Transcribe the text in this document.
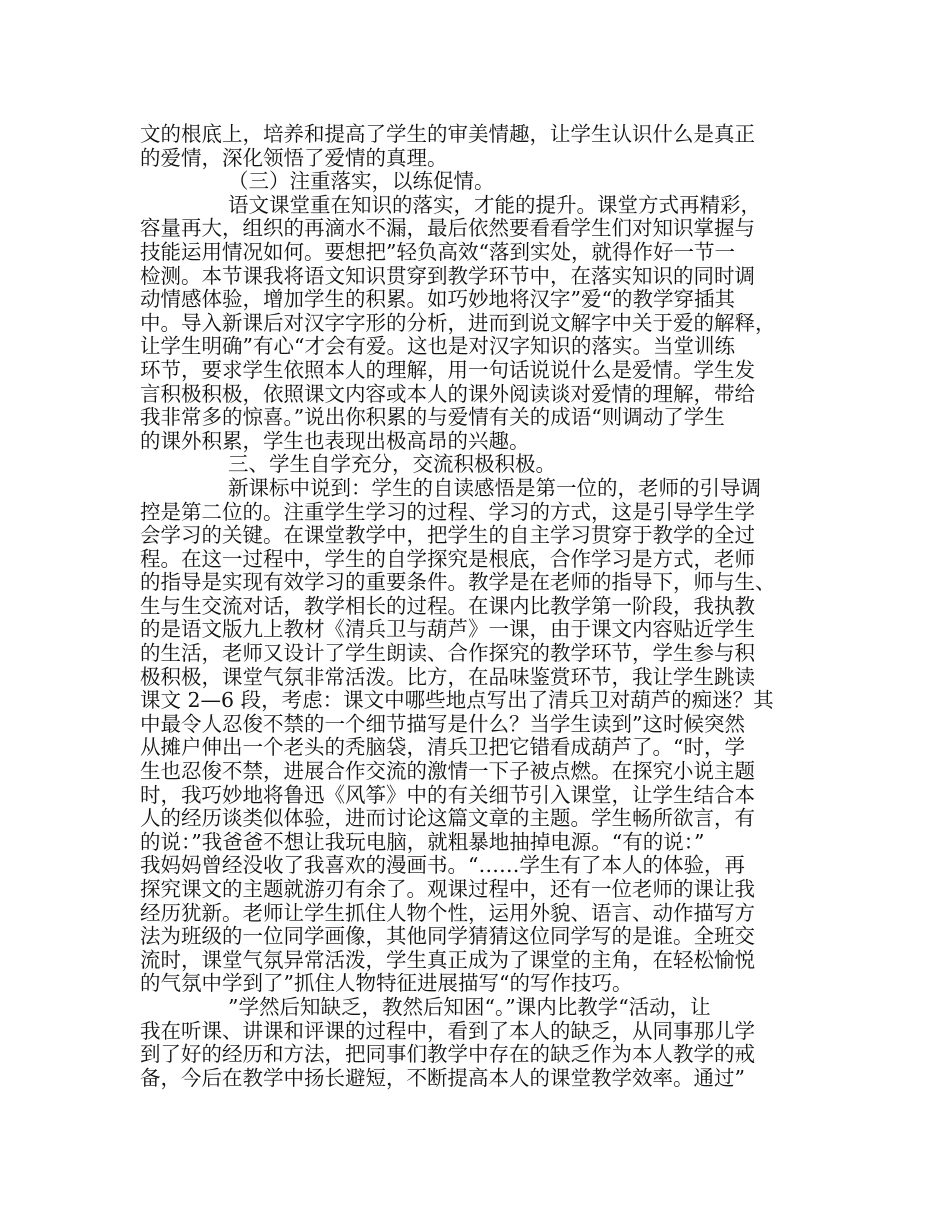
文的根底上，培养和提高了学生的审美情趣，让学生认识什么是真正
的爱情，深化领悟了爱情的真理。
（三）注重落实，以练促情。
语文课堂重在知识的落实，才能的提升。课堂方式再精彩，
容量再大，组织的再滴水不漏，最后依然要看看学生们对知识掌握与
技能运用情况如何。要想把”轻负高效“落到实处，就得作好一节一
检测。本节课我将语文知识贯穿到教学环节中，在落实知识的同时调
动情感体验，增加学生的积累。如巧妙地将汉字”爱“的教学穿插其
中。导入新课后对汉字字形的分析，进而到说文解字中关于爱的解释，
让学生明确”有心“才会有爱。这也是对汉字知识的落实。当堂训练
环节，要求学生依照本人的理解，用一句话说说什么是爱情。学生发
言积极积极，依照课文内容或本人的课外阅读谈对爱情的理解，带给
我非常多的惊喜。”说出你积累的与爱情有关的成语“则调动了学生
的课外积累，学生也表现出极高昂的兴趣。
三、学生自学充分，交流积极积极。
新课标中说到：学生的自读感悟是第一位的，老师的引导调
控是第二位的。注重学生学习的过程、学习的方式，这是引导学生学
会学习的关键。在课堂教学中，把学生的自主学习贯穿于教学的全过
程。在这一过程中，学生的自学探究是根底，合作学习是方式，老师
的指导是实现有效学习的重要条件。教学是在老师的指导下，师与生、
生与生交流对话，教学相长的过程。在课内比教学第一阶段，我执教
的是语文版九上教材《清兵卫与葫芦》一课，由于课文内容贴近学生
的生活，老师又设计了学生朗读、合作探究的教学环节，学生参与积
极积极，课堂气氛非常活泼。比方，在品味鉴赏环节，我让学生跳读
课文 2—6 段，考虑：课文中哪些地点写出了清兵卫对葫芦的痴迷？其
中最令人忍俊不禁的一个细节描写是什么？当学生读到”这时候突然
从摊户伸出一个老头的秃脑袋，清兵卫把它错看成葫芦了。“时，学
生也忍俊不禁，进展合作交流的激情一下子被点燃。在探究小说主题
时，我巧妙地将鲁迅《风筝》中的有关细节引入课堂，让学生结合本
人的经历谈类似体验，进而讨论这篇文章的主题。学生畅所欲言，有
的说：”我爸爸不想让我玩电脑，就粗暴地抽掉电源。“有的说：”
我妈妈曾经没收了我喜欢的漫画书。“……学生有了本人的体验，再
探究课文的主题就游刃有余了。观课过程中，还有一位老师的课让我
经历犹新。老师让学生抓住人物个性，运用外貌、语言、动作描写方
法为班级的一位同学画像，其他同学猜猜这位同学写的是谁。全班交
流时，课堂气氛异常活泼，学生真正成为了课堂的主角，在轻松愉悦
的气氛中学到了”抓住人物特征进展描写“的写作技巧。
”学然后知缺乏，教然后知困“。”课内比教学“活动，让
我在听课、讲课和评课的过程中，看到了本人的缺乏，从同事那儿学
到了好的经历和方法，把同事们教学中存在的缺乏作为本人教学的戒
备，今后在教学中扬长避短，不断提高本人的课堂教学效率。通过”
